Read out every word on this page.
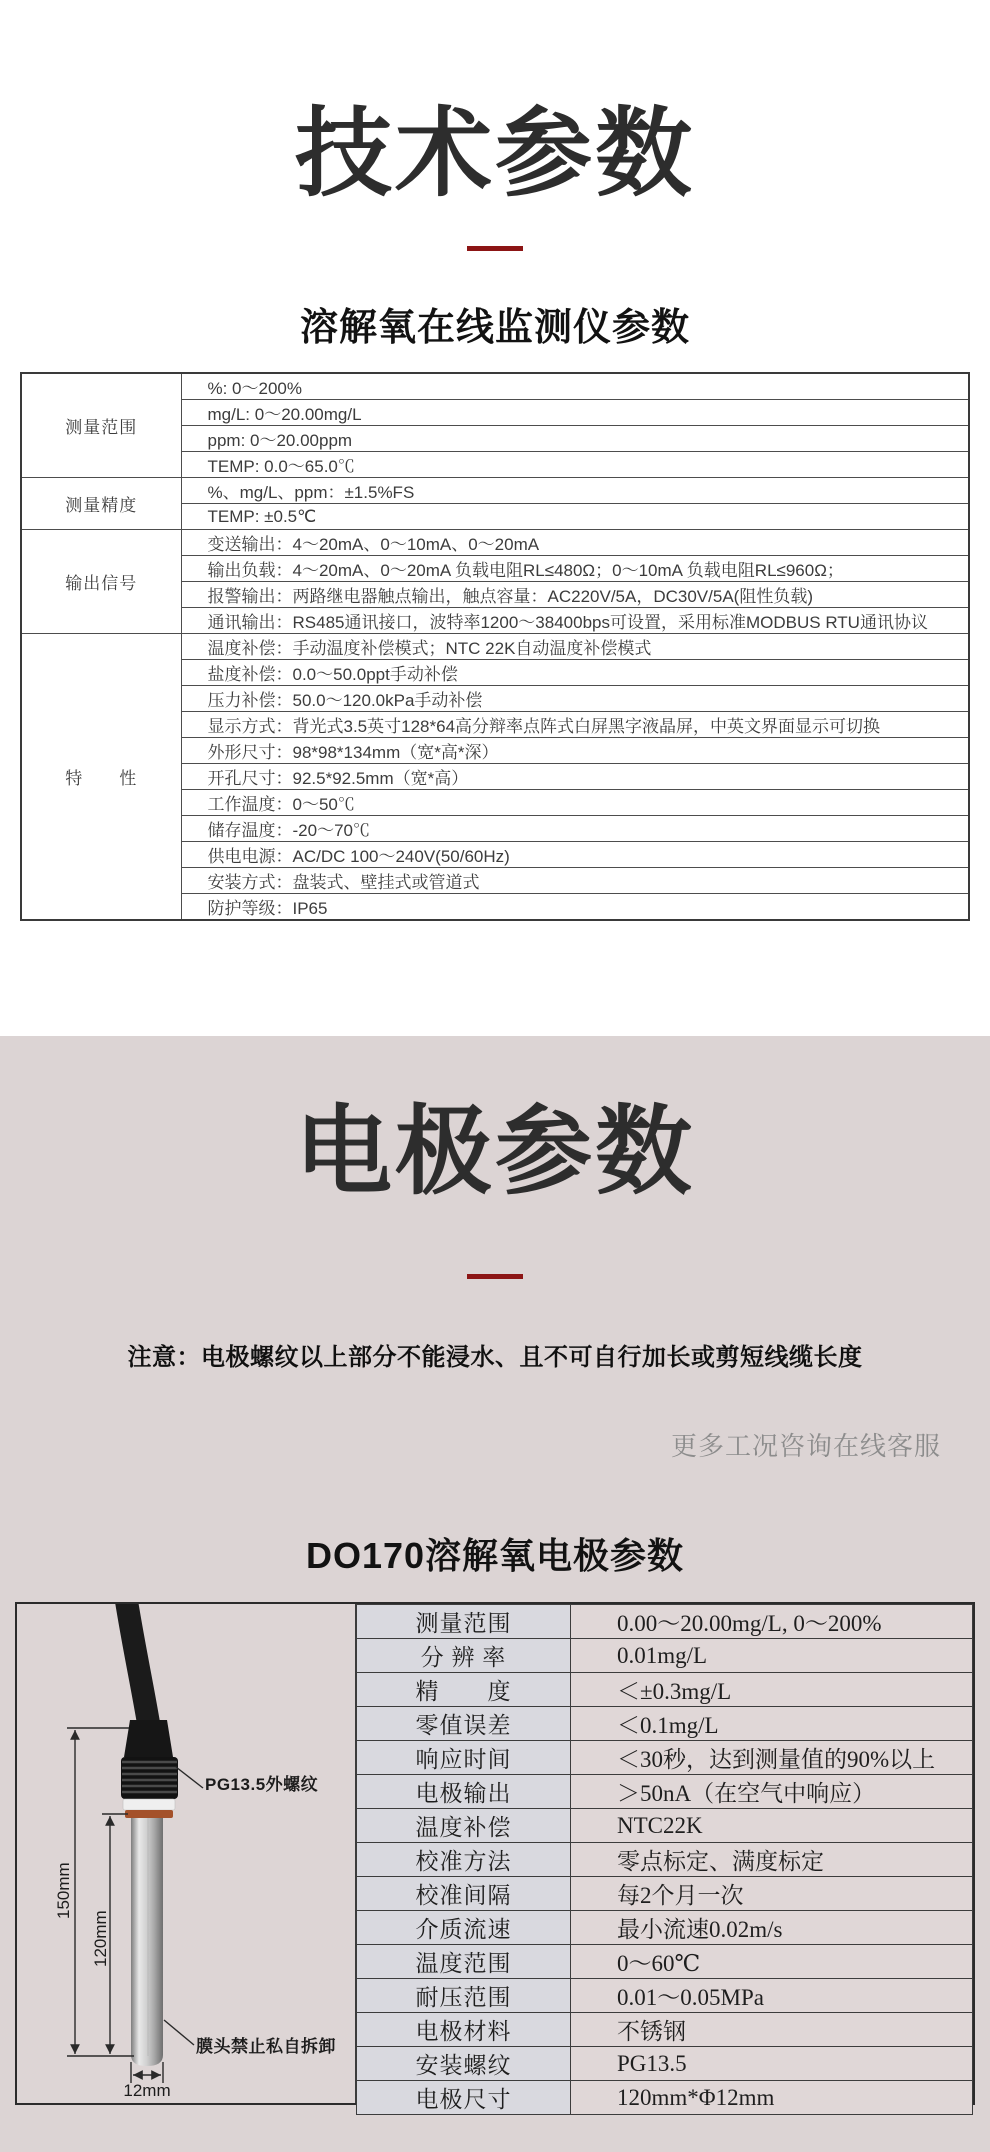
技术参数
溶解氧在线监测仪参数
测量范围	%: 0～200%
	mg/L: 0～20.00mg/L
	ppm: 0～20.00ppm
	TEMP: 0.0～65.0℃
测量精度	%、mg/L、ppm：±1.5%FS
	TEMP: ±0.5℃
输出信号	变送输出：4～20mA、0～10mA、0～20mA
	输出负载：4～20mA、0～20mA 负载电阻RL≤480Ω；0～10mA 负载电阻RL≤960Ω；
	报警输出：两路继电器触点输出，触点容量：AC220V/5A，DC30V/5A(阻性负载)
	通讯输出：RS485通讯接口，波特率1200～38400bps可设置，采用标准MODBUS RTU通讯协议
特　　性	温度补偿：手动温度补偿模式；NTC 22K自动温度补偿模式
	盐度补偿：0.0～50.0ppt手动补偿
	压力补偿：50.0～120.0kPa手动补偿
	显示方式：背光式3.5英寸128*64高分辩率点阵式白屏黑字液晶屏，中英文界面显示可切换
	外形尺寸：98*98*134mm（宽*高*深）
	开孔尺寸：92.5*92.5mm（宽*高）
	工作温度：0～50℃
	储存温度：-20～70℃
	供电电源：AC/DC 100～240V(50/60Hz)
	安装方式：盘装式、壁挂式或管道式
	防护等级：IP65
电极参数

注意：电极螺纹以上部分不能浸水、且不可自行加长或剪短线缆长度

更多工况咨询在线客服

DO170溶解氧电极参数
150mm
120mm
12mm
PG13.5外螺纹
膜头禁止私自拆卸
测量范围	0.00～20.00mg/L, 0～200%
分 辨 率	0.01mg/L
精　　度	＜±0.3mg/L
零值误差	＜0.1mg/L
响应时间	＜30秒，达到测量值的90%以上
电极输出	＞50nA（在空气中响应）
温度补偿	NTC22K
校准方法	零点标定、满度标定
校准间隔	每2个月一次
介质流速	最小流速0.02m/s
温度范围	0～60℃
耐压范围	0.01～0.05MPa
电极材料	不锈钢
安装螺纹	PG13.5
电极尺寸	120mm*Φ12mm
